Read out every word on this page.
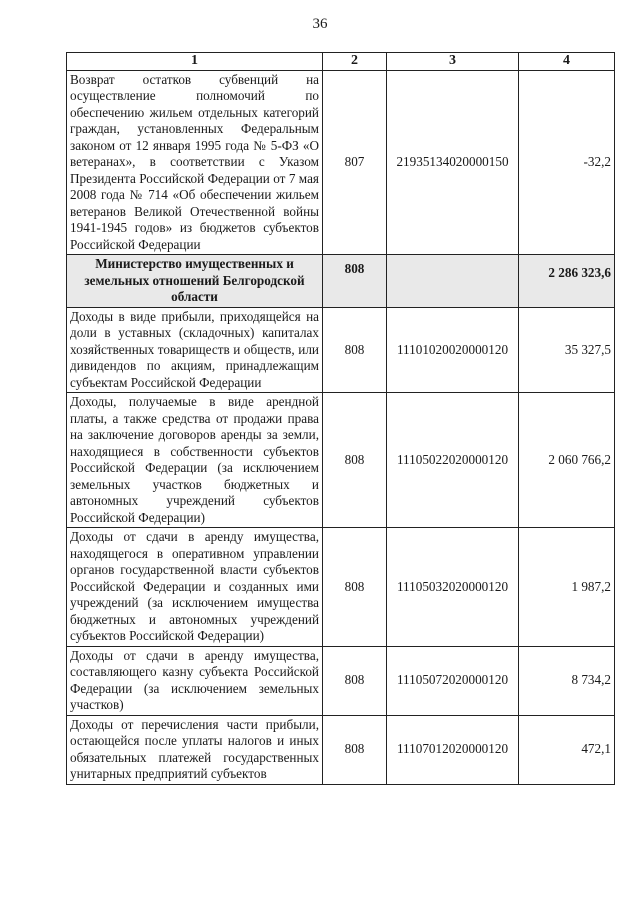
36
1	2	3	4
Возврат остатков субвенций на осуществление полномочий по обеспечению жильем отдельных категорий граждан, установленных Федеральным законом от 12 января 1995 года № 5-ФЗ «О ветеранах», в соответствии с Указом Президента Российской Федерации от 7 мая 2008 года № 714 «Об обеспечении жильем ветеранов Великой Отечественной войны 1941-1945 годов» из бюджетов субъектов Российской Федерации	807	21935134020000150	-32,2
Министерство имущественных и земельных отношений Белгородской области	808		2 286 323,6
Доходы в виде прибыли, приходящейся на доли в уставных (складочных) капиталах хозяйственных товариществ и обществ, или дивидендов по акциям, принадлежащим субъектам Российской Федерации	808	11101020020000120	35 327,5
Доходы, получаемые в виде арендной платы, а также средства от продажи права на заключение договоров аренды за земли, находящиеся в собственности субъектов Российской Федерации (за исключением земельных участков бюджетных и автономных учреждений субъектов Российской Федерации)	808	11105022020000120	2 060 766,2
Доходы от сдачи в аренду имущества, находящегося в оперативном управлении органов государственной власти субъектов Российской Федерации и созданных ими учреждений (за исключением имущества бюджетных и автономных учреждений субъектов Российской Федерации)	808	11105032020000120	1 987,2
Доходы от сдачи в аренду имущества, составляющего казну субъекта Российской Федерации (за исключением земельных участков)	808	11105072020000120	8 734,2
Доходы от перечисления части прибыли, остающейся после уплаты налогов и иных обязательных платежей государственных унитарных предприятий субъектов	808	11107012020000120	472,1
